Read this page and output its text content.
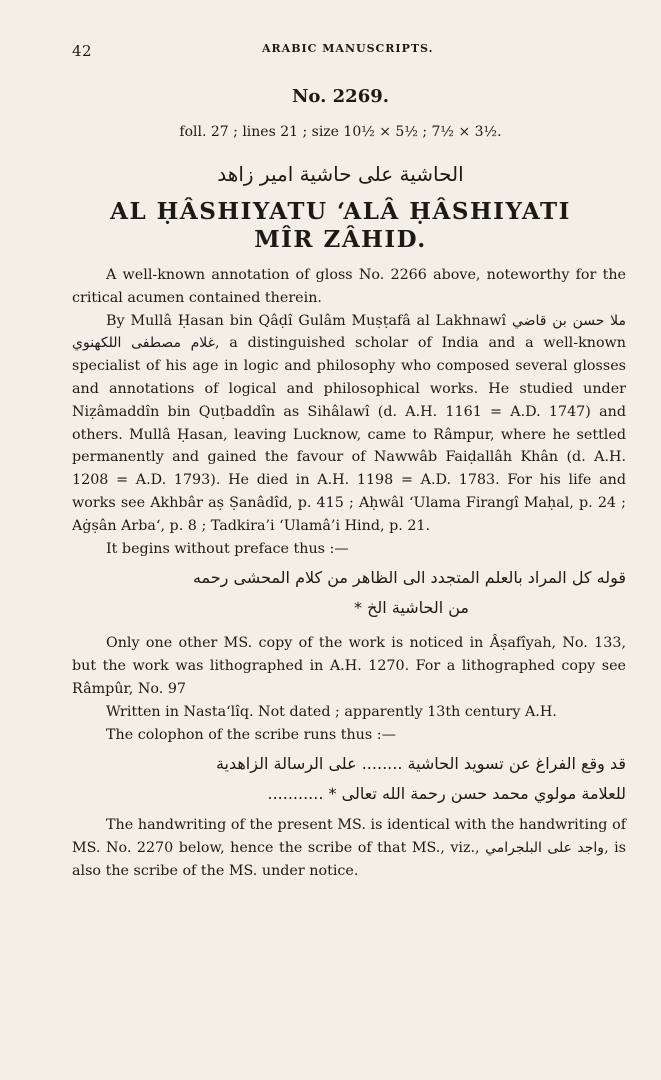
42	ARABIC MANUSCRIPTS.
No. 2269.
foll. 27 ; lines 21 ; size 10½ × 5½ ; 7½ × 3½.
الحاشية على حاشية امير زاهد
AL ḤÂSHIYATU ‘ALÂ ḤÂSHIYATI
MÎR ZÂHID.

A well-known annotation of gloss No. 2266 above, noteworthy for the critical acumen contained therein.

By Mullâ Ḥasan bin Qâḍî Gulâm Muṣṭafâ al Lakhnawî ملا حسن بن قاضي غلام مصطفى اللكهنوي, a distinguished scholar of India and a well-known specialist of his age in logic and philosophy who composed several glosses and annotations of logical and philosophical works. He studied under Niẓâmaddîn bin Quṭbaddîn as Sihâlawî (d. A.H. 1161 = A.D. 1747) and others. Mullâ Ḥasan, leaving Lucknow, came to Râmpur, where he settled permanently and gained the favour of Nawwâb Faiḍallâh Khân (d. A.H. 1208 = A.D. 1793). He died in A.H. 1198 = A.D. 1783. For his life and works see Akhbâr aṣ Ṣanâdîd, p. 415 ; Aḥwâl ‘Ulama Firangî Maḥal, p. 24 ; Aġṣân Arba‘, p. 8 ; Tadkira’i ‘Ulamâ’i Hind, p. 21.

It begins without preface thus :—

قوله كل المراد بالعلم المتجدد الى الظاهر من كلام المحشى رحمه
من الحاشية الخ *

Only one other MS. copy of the work is noticed in Âṣafîyah, No. 133, but the work was lithographed in A.H. 1270. For a lithographed copy see Râmpûr, No. 97

Written in Nasta‘lîq. Not dated ; apparently 13th century A.H.

The colophon of the scribe runs thus :—

قد وقع الفراغ عن تسويد الحاشية ........ على الرسالة الزاهدية
للعلامة مولوي محمد حسن رحمة الله تعالى * ...........

The handwriting of the present MS. is identical with the handwriting of MS. No. 2270 below, hence the scribe of that MS., viz., واجد على البلجرامي, is also the scribe of the MS. under notice.
